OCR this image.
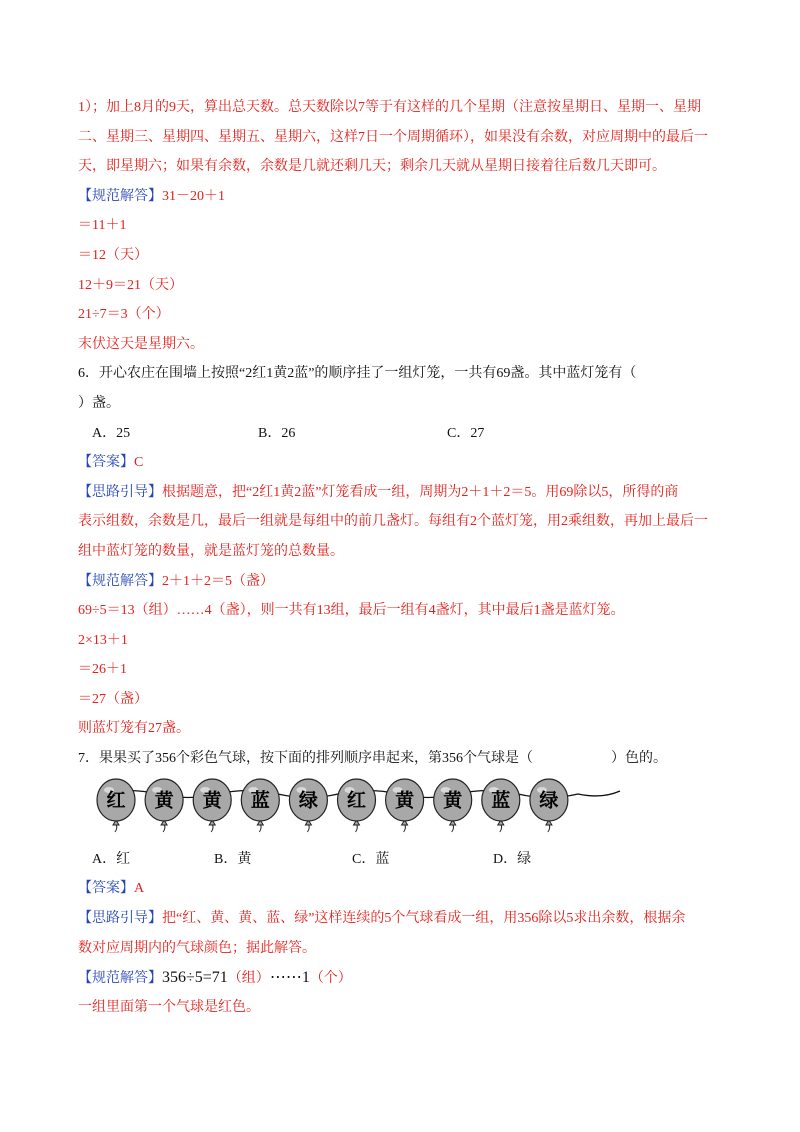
1）；加上8月的9天，算出总天数。总天数除以7等于有这样的几个星期（注意按星期日、星期一、星期
二、星期三、星期四、星期五、星期六，这样7日一个周期循环），如果没有余数，对应周期中的最后一
天，即星期六；如果有余数，余数是几就还剩几天；剩余几天就从星期日接着往后数几天即可。
【规范解答】31－20＋1
＝11＋1
＝12（天）
12＋9＝21（天）
21÷7＝3（个）
末伏这天是星期六。
6．开心农庄在围墙上按照“2红1黄2蓝”的顺序挂了一组灯笼，一共有69盏。其中蓝灯笼有（
）盏。
A．25	B．26	C．27
【答案】C
【思路引导】根据题意，把“2红1黄2蓝”灯笼看成一组，周期为2＋1＋2＝5。用69除以5，所得的商
表示组数，余数是几，最后一组就是每组中的前几盏灯。每组有2个蓝灯笼，用2乘组数，再加上最后一
组中蓝灯笼的数量，就是蓝灯笼的总数量。
【规范解答】2＋1＋2＝5（盏）
69÷5＝13（组）……4（盏），则一共有13组，最后一组有4盏灯，其中最后1盏是蓝灯笼。
2×13＋1
＝26＋1
＝27（盏）
则蓝灯笼有27盏。
7．果果买了356个彩色气球，按下面的排列顺序串起来，第356个气球是（	）色的。
红 黄 黄 蓝 绿 红 黄 黄 蓝 绿
A．红	B．黄	C．蓝	D．绿
【答案】A
【思路引导】把“红、黄、黄、蓝、绿”这样连续的5个气球看成一组，用356除以5求出余数，根据余
数对应周期内的气球颜色；据此解答。
【规范解答】356÷5=71（组）⋯⋯1（个）
一组里面第一个气球是红色。
